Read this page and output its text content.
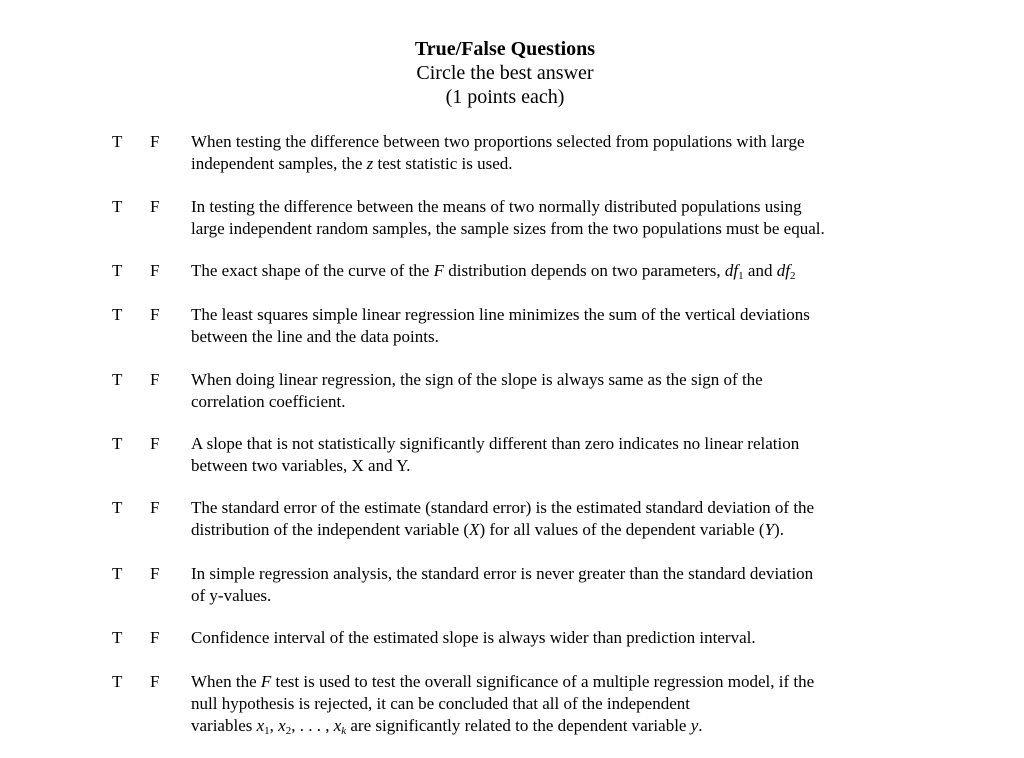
True/False Questions
Circle the best answer
(1 points each)
T F When testing the difference between two proportions selected from populations with large
independent samples, the z test statistic is used.
T F In testing the difference between the means of two normally distributed populations using
large independent random samples, the sample sizes from the two populations must be equal.
T F The exact shape of the curve of the F distribution depends on two parameters, $df_1$ and $df_2$
T F The least squares simple linear regression line minimizes the sum of the vertical deviations
between the line and the data points.
T F When doing linear regression, the sign of the slope is always same as the sign of the
correlation coefficient.
T F A slope that is not statistically significantly different than zero indicates no linear relation
between two variables, X and Y.
T F The standard error of the estimate (standard error) is the estimated standard deviation of the
distribution of the independent variable (X) for all values of the dependent variable (Y).
T F In simple regression analysis, the standard error is never greater than the standard deviation
of y-values.
T F Confidence interval of the estimated slope is always wider than prediction interval.
T F When the F test is used to test the overall significance of a multiple regression model, if the
null hypothesis is rejected, it can be concluded that all of the independent
variables $x_1$, $x_2$, . . . , $x_k$ are significantly related to the dependent variable y.
